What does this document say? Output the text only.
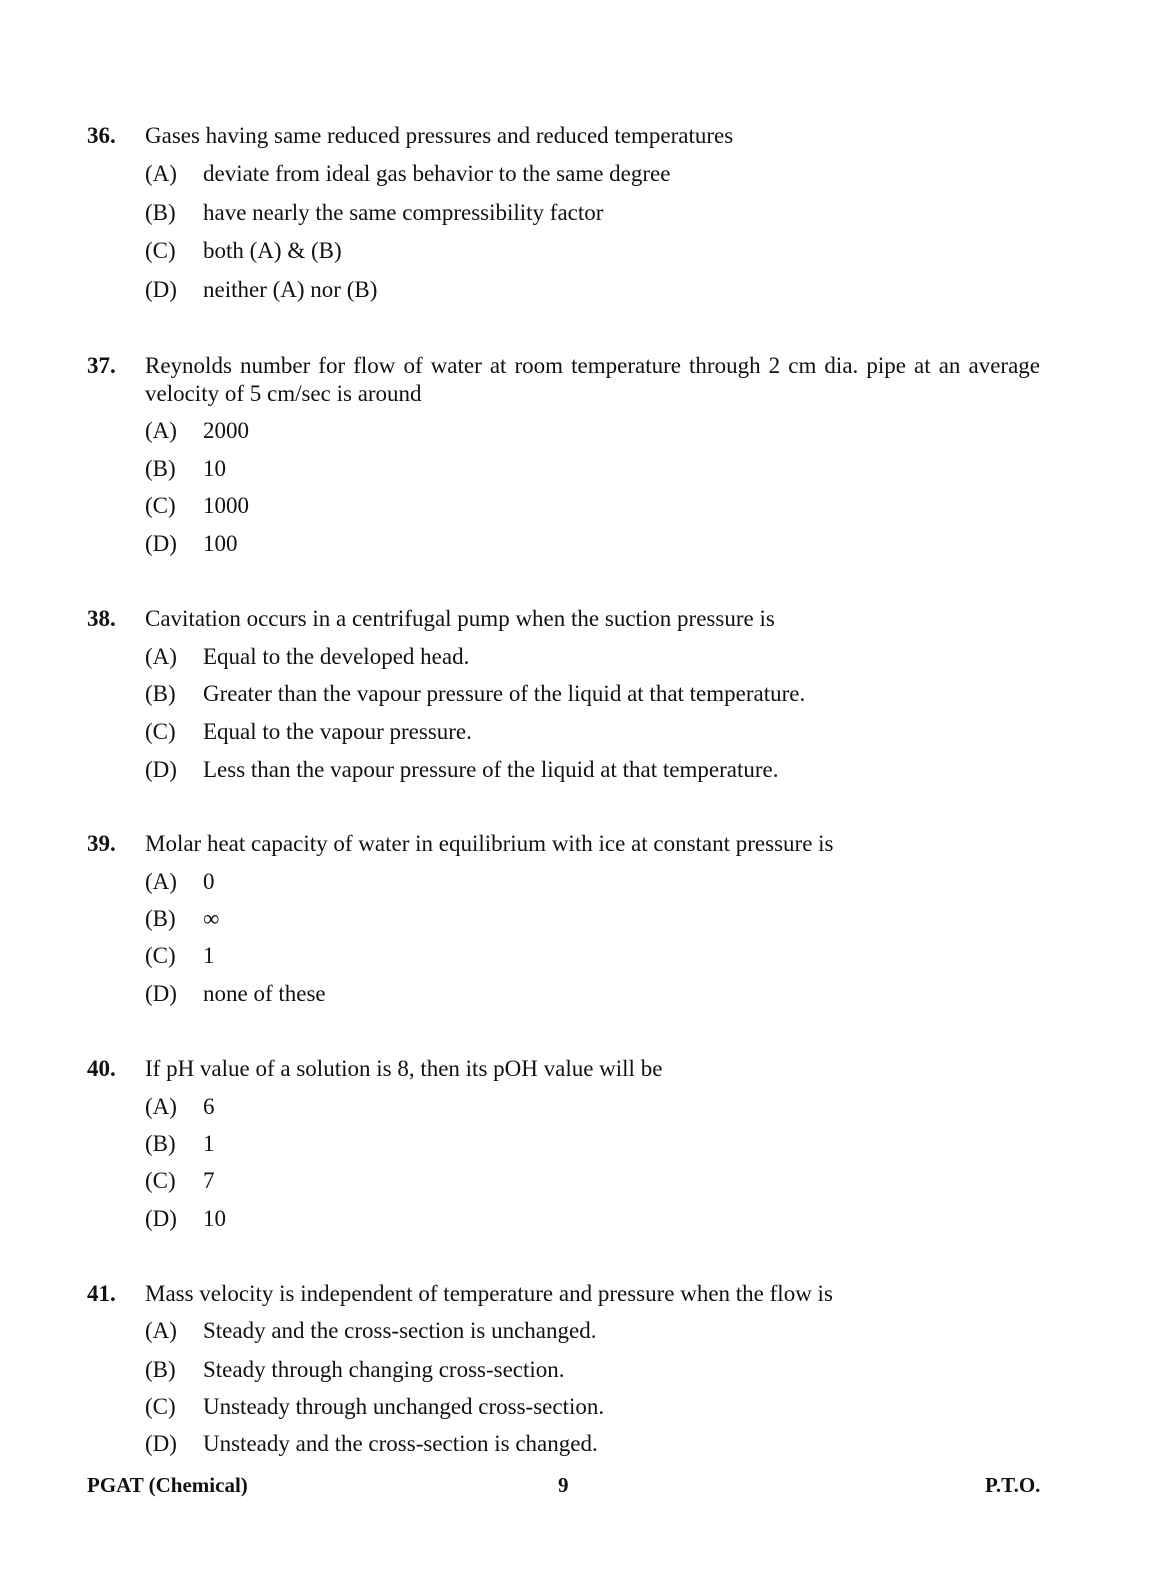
36. Gases having same reduced pressures and reduced temperatures
(A) deviate from ideal gas behavior to the same degree
(B) have nearly the same compressibility factor
(C) both (A) & (B)
(D) neither (A) nor (B)
37. Reynolds number for flow of water at room temperature through 2 cm dia. pipe at an average velocity of 5 cm/sec is around
(A) 2000
(B) 10
(C) 1000
(D) 100
38. Cavitation occurs in a centrifugal pump when the suction pressure is
(A) Equal to the developed head.
(B) Greater than the vapour pressure of the liquid at that temperature.
(C) Equal to the vapour pressure.
(D) Less than the vapour pressure of the liquid at that temperature.
39. Molar heat capacity of water in equilibrium with ice at constant pressure is
(A) 0
(B) ∞
(C) 1
(D) none of these
40. If pH value of a solution is 8, then its pOH value will be
(A) 6
(B) 1
(C) 7
(D) 10
41. Mass velocity is independent of temperature and pressure when the flow is
(A) Steady and the cross-section is unchanged.
(B) Steady through changing cross-section.
(C) Unsteady through unchanged cross-section.
(D) Unsteady and the cross-section is changed.
PGAT (Chemical)	9	P.T.O.
